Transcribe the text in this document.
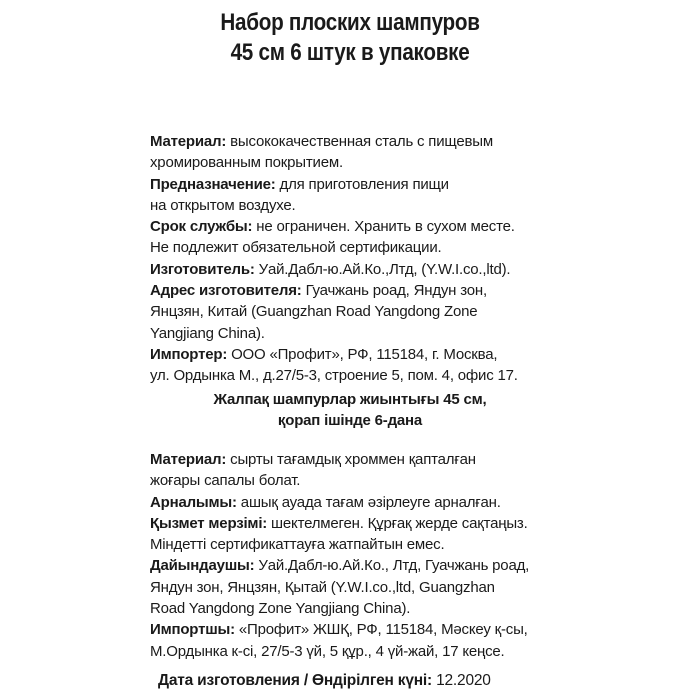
Набор плоских шампуров
45 см 6 штук в упаковке

Материал: высококачественная сталь с пищевым

хромированным покрытием.

Предназначение: для приготовления пищи

на открытом воздухе.

Срок службы: не ограничен. Хранить в сухом месте.

Не подлежит обязательной сертификации.

Изготовитель: Уай.Дабл-ю.Ай.Ко.,Лтд, (Y.W.I.co.,ltd).

Адрес изготовителя: Гуачжань роад, Яндун зон,

Янцзян, Китай (Guangzhan Road Yangdong Zone

Yangjiang China).

Импортер: ООО «Профит», РФ, 115184, г. Москва,

ул. Ордынка М., д.27/5-3, строение 5, пом. 4, офис 17.

Жалпақ шампурлар жиынтығы 45 см,
қорап ішінде 6-дана

Материал: сырты тағамдық хроммен қапталған

жоғары сапалы болат.

Арналымы: ашық ауада тағам әзірлеуге арналған.

Қызмет мерзімі: шектелмеген. Құрғақ жерде сақтаңыз.

Міндетті сертификаттауға жатпайтын емес.

Дайындаушы: Уай.Дабл-ю.Ай.Ко., Лтд, Гуачжань роад,

Яндун зон, Янцзян, Қытай (Y.W.I.co.,ltd, Guangzhan

Road Yangdong Zone Yangjiang China).

Импортшы: «Профит» ЖШҚ, РФ, 115184, Мәскеу қ-сы,

М.Ордынка к-сі, 27/5-3 үй, 5 құр., 4 үй-жай, 17 кеңсе.

Дата изготовления / Өндірілген күні: 12.2020
